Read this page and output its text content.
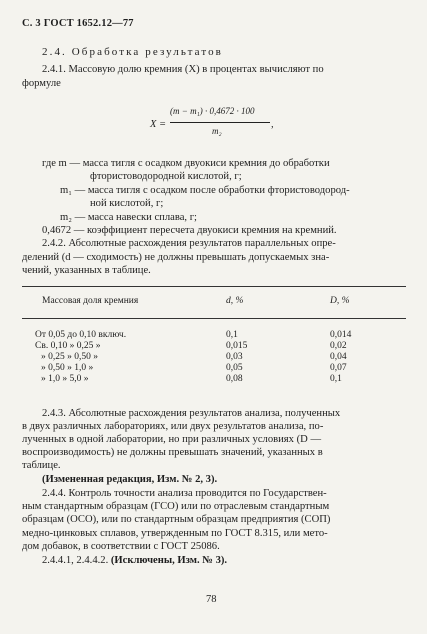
С. 3 ГОСТ 1652.12—77
2.4. Обработка результатов
2.4.1. Массовую долю кремния (X) в процентах вычисляют по
формуле
X =
(m − m₁) · 0,4672 · 100
m₂
,
где m — масса тигля с осадком двуокиси кремния до обработки
фтористоводородной кислотой, г;
m₁ — масса тигля с осадком после обработки фтористоводород-
ной кислотой, г;
m₂ — масса навески сплава, г;
0,4672 — коэффициент пересчета двуокиси кремния на кремний.
2.4.2. Абсолютные расхождения результатов параллельных опре-
делений (d — сходимость) не должны превышать допускаемых зна-
чений, указанных в таблице.
Массовая доля кремния	d, %	D, %
От 0,05 до 0,10 включ.	0,1	0,014
Св. 0,10 » 0,25 »	0,015	0,02
» 0,25 » 0,50 »	0,03	0,04
» 0,50 » 1,0 »	0,05	0,07
» 1,0 » 5,0 »	0,08	0,1
2.4.3. Абсолютные расхождения результатов анализа, полученных
в двух различных лабораториях, или двух результатов анализа, по-
лученных в одной лаборатории, но при различных условиях (D —
воспроизводимость) не должны превышать значений, указанных в
таблице.
(Измененная редакция, Изм. № 2, 3).
2.4.4. Контроль точности анализа проводится по Государствен-
ным стандартным образцам (ГСО) или по отраслевым стандартным
образцам (ОСО), или по стандартным образцам предприятия (СОП)
медно-цинковых сплавов, утвержденным по ГОСТ 8.315, или мето-
дом добавок, в соответствии с ГОСТ 25086.
2.4.4.1, 2.4.4.2. (Исключены, Изм. № 3).
78
